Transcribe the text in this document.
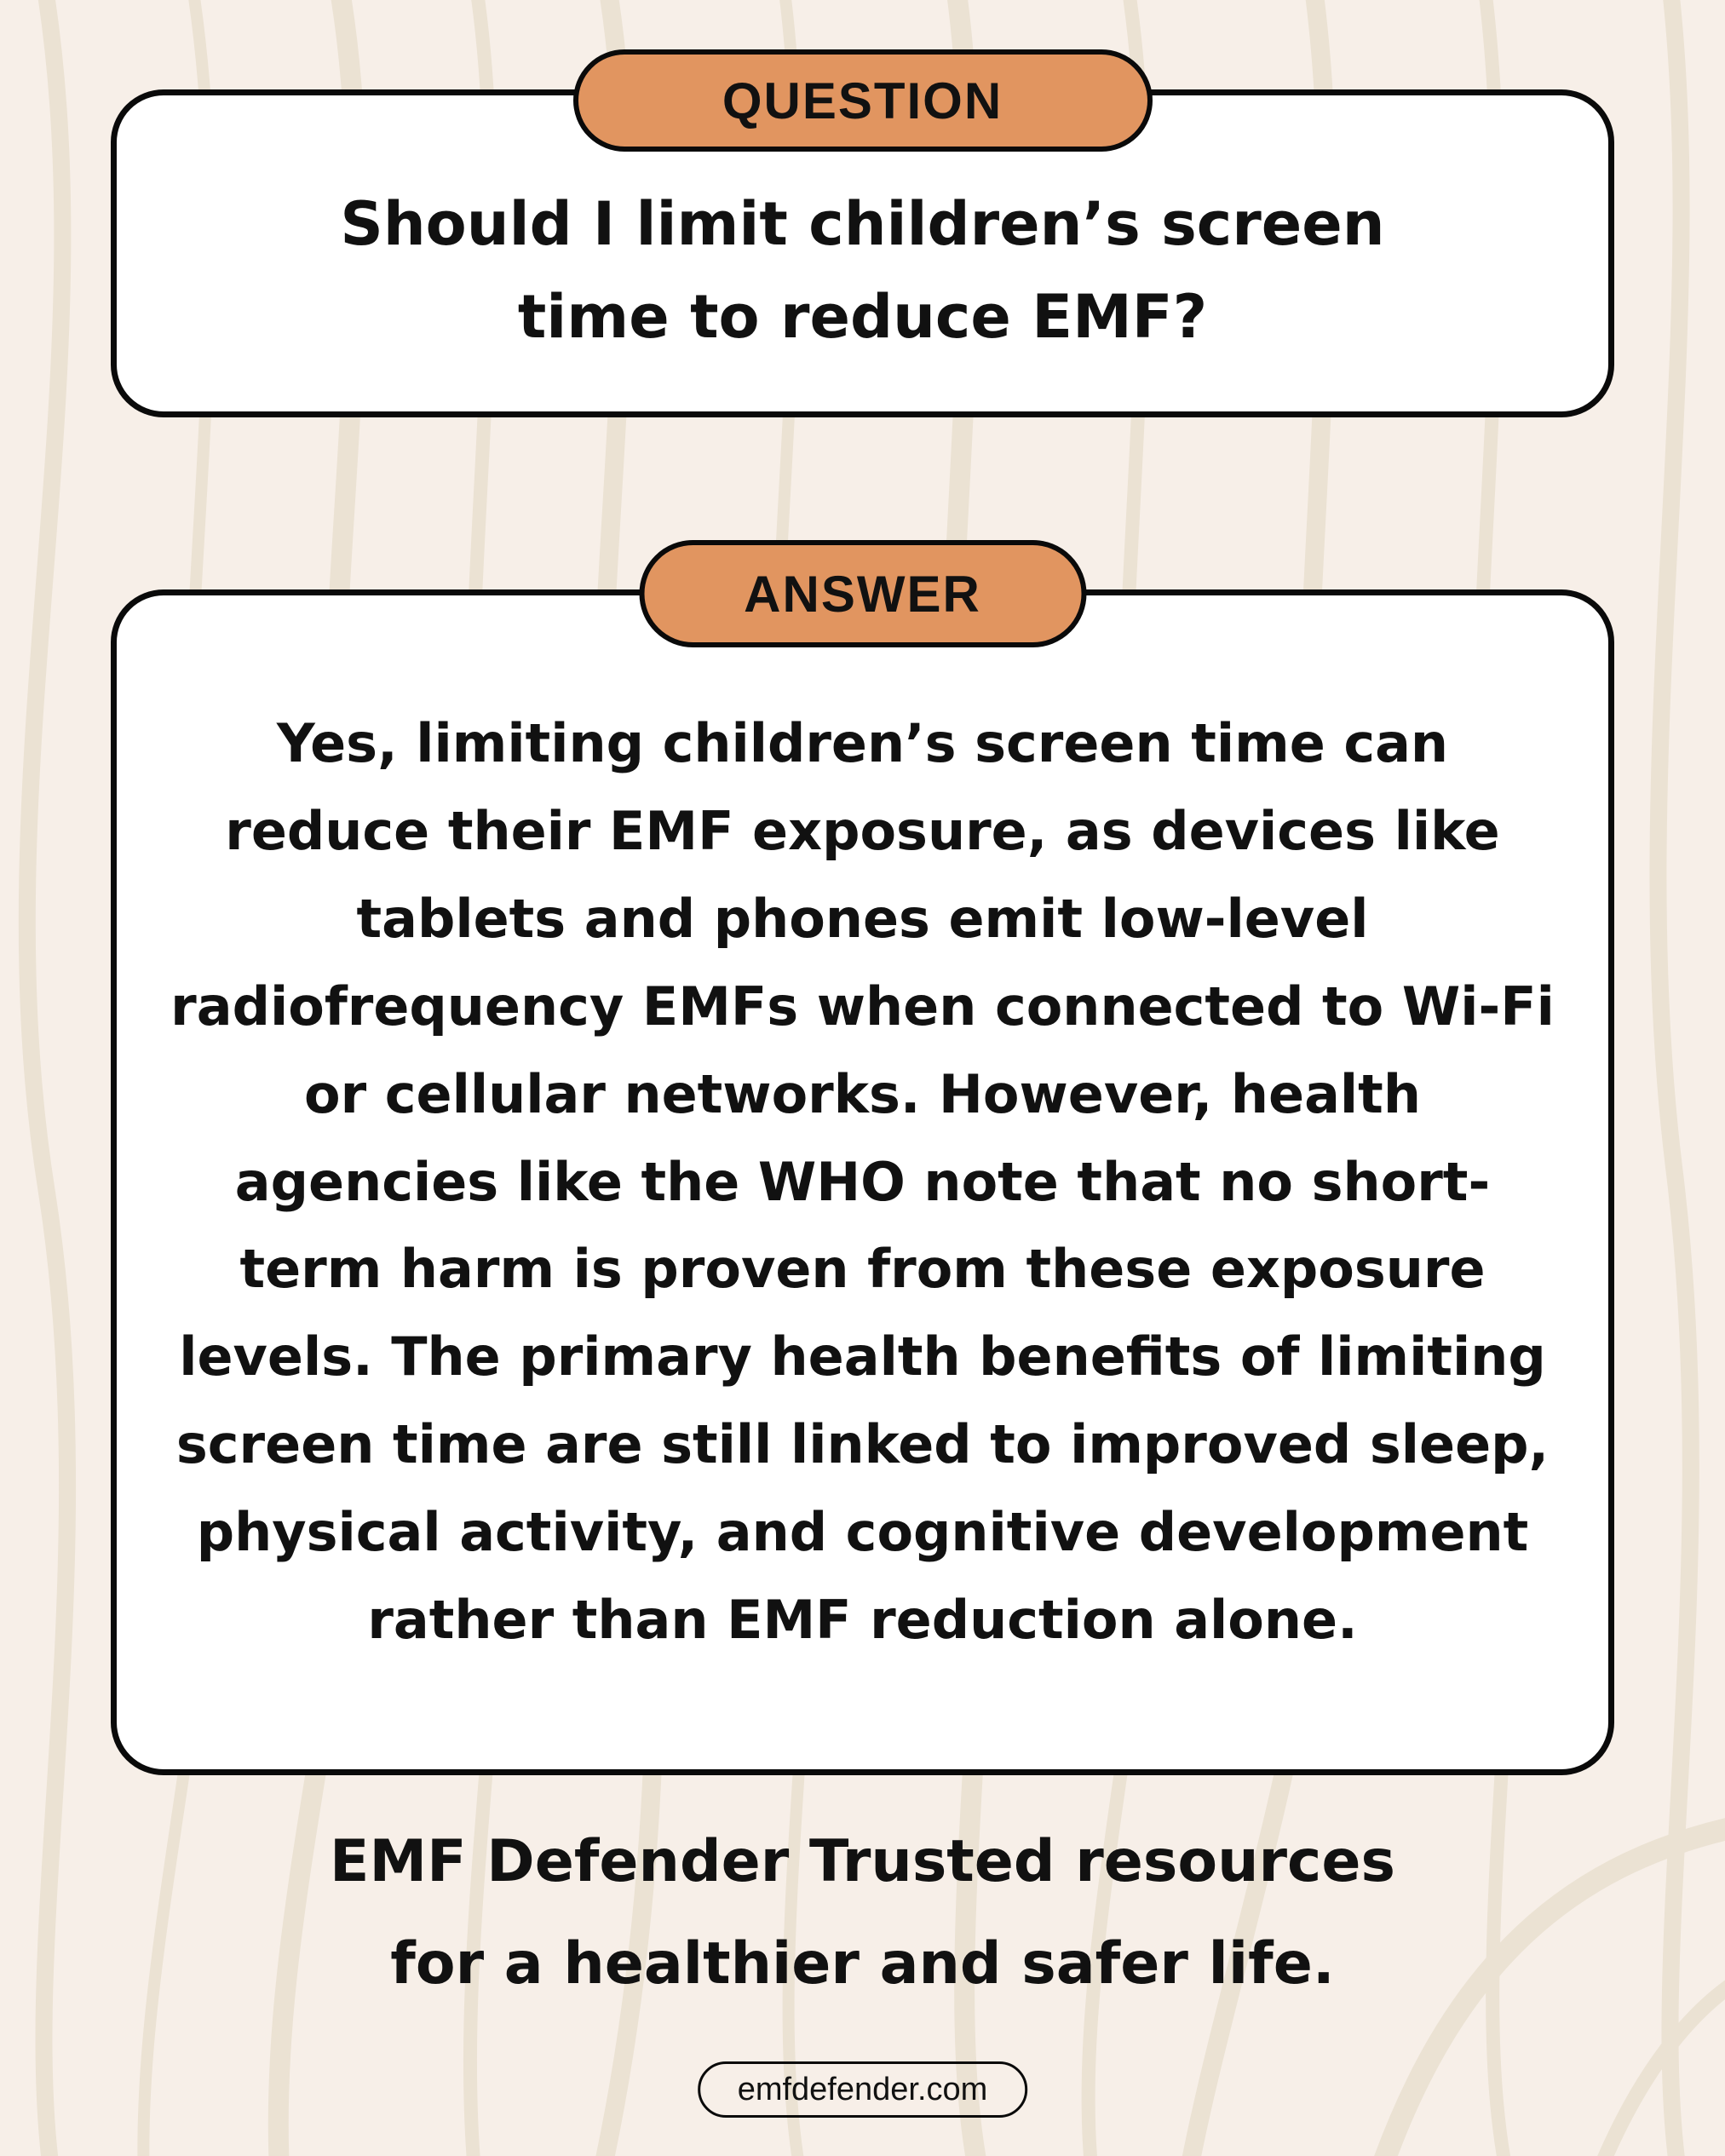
QUESTION

Should I limit children’s screen time to reduce EMF?

ANSWER

Yes, limiting children’s screen time can reduce their EMF exposure, as devices like tablets and phones emit low-level radiofrequency EMFs when connected to Wi-Fi or cellular networks. However, health agencies like the WHO note that no short-term harm is proven from these exposure levels. The primary health benefits of limiting screen time are still linked to improved sleep, physical activity, and cognitive development rather than EMF reduction alone.

EMF Defender Trusted resources

for a healthier and safer life.

emfdefender.com
